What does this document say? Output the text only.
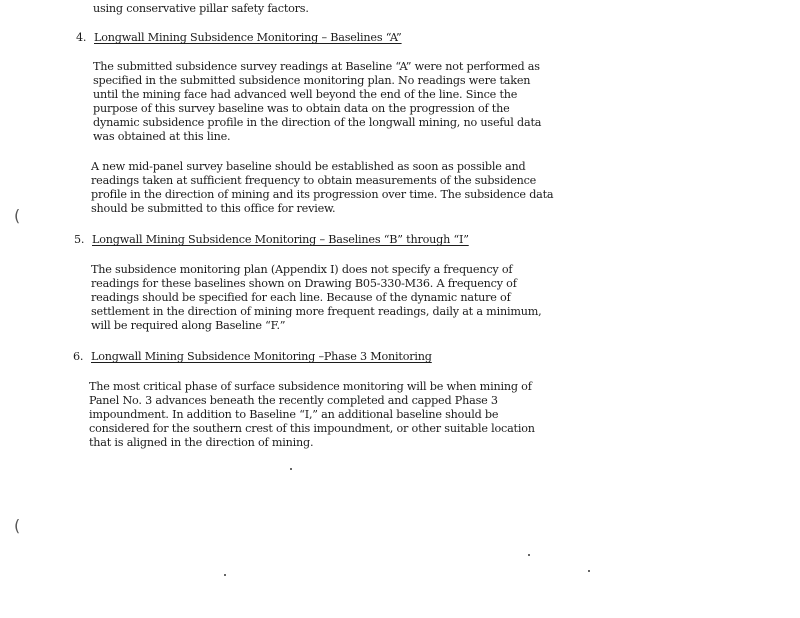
using conservative pillar safety factors.
4. Longwall Mining Subsidence Monitoring – Baselines “A”
The submitted subsidence survey readings at Baseline “A” were not performed as
specified in the submitted subsidence monitoring plan. No readings were taken
until the mining face had advanced well beyond the end of the line. Since the
purpose of this survey baseline was to obtain data on the progression of the
dynamic subsidence profile in the direction of the longwall mining, no useful data
was obtained at this line.
A new mid-panel survey baseline should be established as soon as possible and
readings taken at sufficient frequency to obtain measurements of the subsidence
profile in the direction of mining and its progression over time. The subsidence data
should be submitted to this office for review.
5. Longwall Mining Subsidence Monitoring – Baselines “B” through “I”
The subsidence monitoring plan (Appendix I) does not specify a frequency of
readings for these baselines shown on Drawing B05-330-M36. A frequency of
readings should be specified for each line. Because of the dynamic nature of
settlement in the direction of mining more frequent readings, daily at a minimum,
will be required along Baseline “F.”
6. Longwall Mining Subsidence Monitoring –Phase 3 Monitoring
The most critical phase of surface subsidence monitoring will be when mining of
Panel No. 3 advances beneath the recently completed and capped Phase 3
impoundment. In addition to Baseline “I,” an additional baseline should be
considered for the southern crest of this impoundment, or other suitable location
that is aligned in the direction of mining.
(
(
